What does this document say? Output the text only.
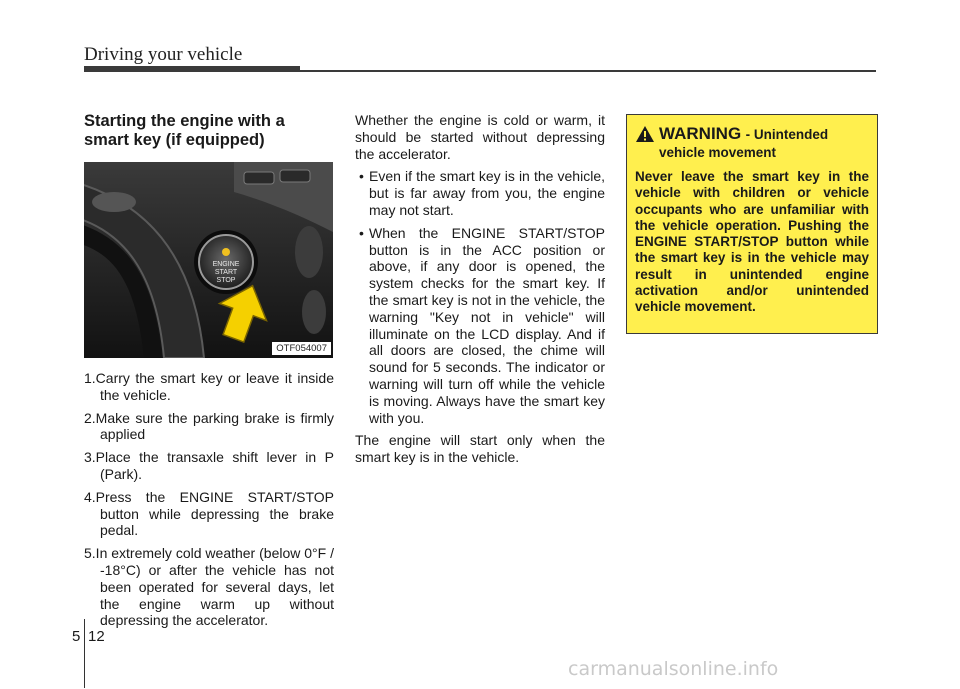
Driving your vehicle
Starting the engine with a
smart key (if equipped)
ENGINE
START
STOP
OTF054007
1.Carry the smart key or leave it inside the vehicle.
2.Make sure the parking brake is firmly applied
3.Place the transaxle shift lever in P (Park).
4.Press the ENGINE START/STOP button while depressing the brake pedal.
5.In extremely cold weather (below 0°F / -18°C) or after the vehicle has not been operated for several days, let the engine warm up without depressing the accelerator.

Whether the engine is cold or warm, it should be started without depressing the accelerator.

• Even if the smart key is in the vehicle, but is far away from you, the engine may not start.
• When the ENGINE START/STOP button is in the ACC position or above, if any door is opened, the system checks for the smart key. If the smart key is not in the vehicle, the warning "Key not in vehicle" will illuminate on the LCD display. And if all doors are closed, the chime will sound for 5 seconds. The indicator or warning will turn off while the vehicle is moving. Always have the smart key with you.

The engine will start only when the smart key is in the vehicle.

WARNING - Unintended
vehicle movement
Never leave the smart key in the vehicle with children or vehicle occupants who are unfamiliar with the vehicle operation. Pushing the ENGINE START/STOP button while the smart key is in the vehicle may result in unintended engine activation and/or unintended vehicle movement.
5 12
carmanualsonline.info
